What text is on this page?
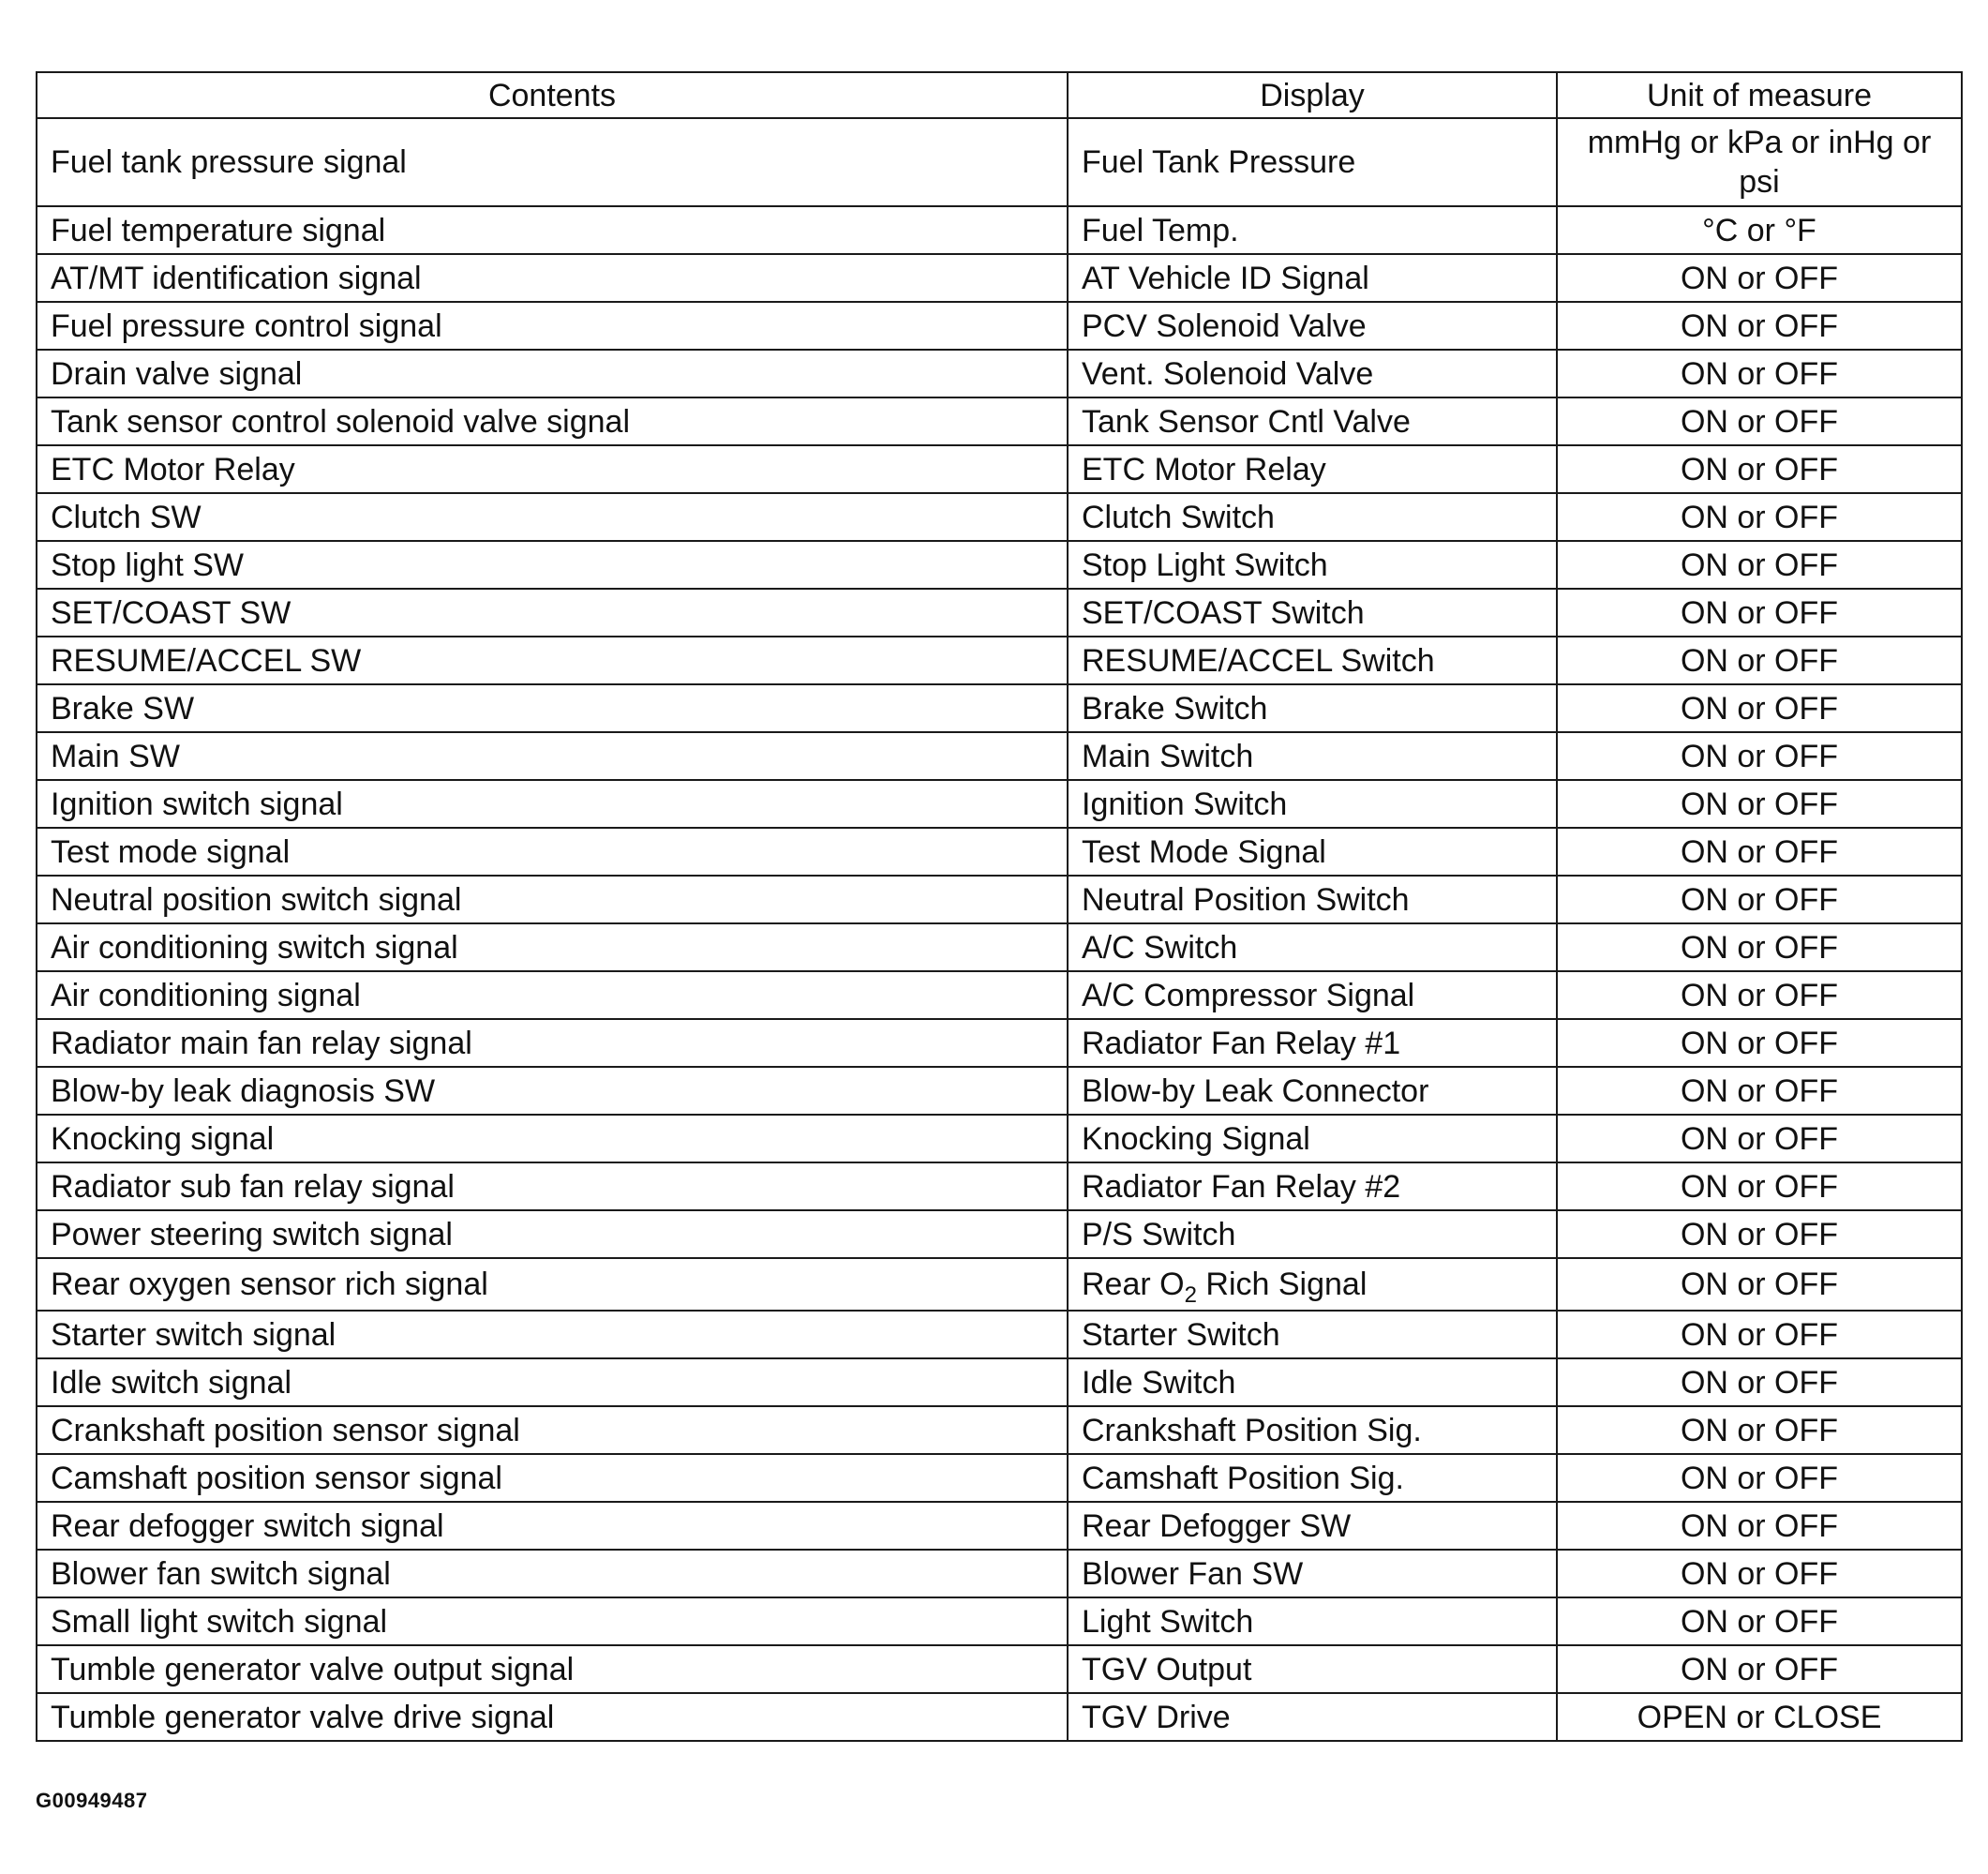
Contents	Display	Unit of measure
Fuel tank pressure signal	Fuel Tank Pressure	mmHg or kPa or inHg or psi
Fuel temperature signal	Fuel Temp.	°C or °F
AT/MT identification signal	AT Vehicle ID Signal	ON or OFF
Fuel pressure control signal	PCV Solenoid Valve	ON or OFF
Drain valve signal	Vent. Solenoid Valve	ON or OFF
Tank sensor control solenoid valve signal	Tank Sensor Cntl Valve	ON or OFF
ETC Motor Relay	ETC Motor Relay	ON or OFF
Clutch SW	Clutch Switch	ON or OFF
Stop light SW	Stop Light Switch	ON or OFF
SET/COAST SW	SET/COAST Switch	ON or OFF
RESUME/ACCEL SW	RESUME/ACCEL Switch	ON or OFF
Brake SW	Brake Switch	ON or OFF
Main SW	Main Switch	ON or OFF
Ignition switch signal	Ignition Switch	ON or OFF
Test mode signal	Test Mode Signal	ON or OFF
Neutral position switch signal	Neutral Position Switch	ON or OFF
Air conditioning switch signal	A/C Switch	ON or OFF
Air conditioning signal	A/C Compressor Signal	ON or OFF
Radiator main fan relay signal	Radiator Fan Relay #1	ON or OFF
Blow-by leak diagnosis SW	Blow-by Leak Connector	ON or OFF
Knocking signal	Knocking Signal	ON or OFF
Radiator sub fan relay signal	Radiator Fan Relay #2	ON or OFF
Power steering switch signal	P/S Switch	ON or OFF
Rear oxygen sensor rich signal	Rear $O_2$ Rich Signal	ON or OFF
Starter switch signal	Starter Switch	ON or OFF
Idle switch signal	Idle Switch	ON or OFF
Crankshaft position sensor signal	Crankshaft Position Sig.	ON or OFF
Camshaft position sensor signal	Camshaft Position Sig.	ON or OFF
Rear defogger switch signal	Rear Defogger SW	ON or OFF
Blower fan switch signal	Blower Fan SW	ON or OFF
Small light switch signal	Light Switch	ON or OFF
Tumble generator valve output signal	TGV Output	ON or OFF
Tumble generator valve drive signal	TGV Drive	OPEN or CLOSE
G00949487
